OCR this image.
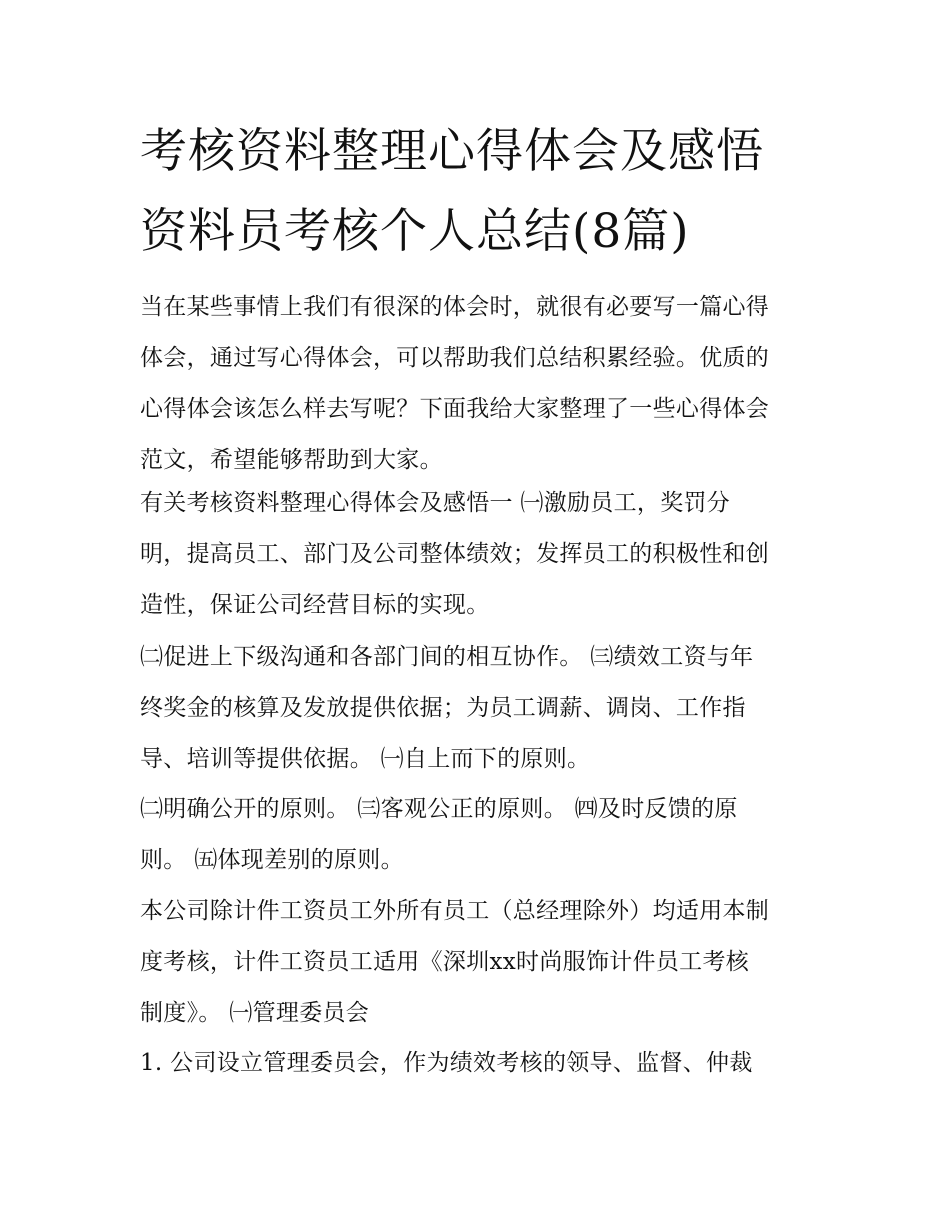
考核资料整理心得体会及感悟
资料员考核个人总结(8篇)
当在某些事情上我们有很深的体会时，就很有必要写一篇心得
体会，通过写心得体会，可以帮助我们总结积累经验。优质的
心得体会该怎么样去写呢？下面我给大家整理了一些心得体会
范文，希望能够帮助到大家。
有关考核资料整理心得体会及感悟一 ㈠激励员工，奖罚分
明，提高员工、部门及公司整体绩效；发挥员工的积极性和创
造性，保证公司经营目标的实现。
㈡促进上下级沟通和各部门间的相互协作。 ㈢绩效工资与年
终奖金的核算及发放提供依据；为员工调薪、调岗、工作指
导、培训等提供依据。 ㈠自上而下的原则。
㈡明确公开的原则。 ㈢客观公正的原则。 ㈣及时反馈的原
则。 ㈤体现差别的原则。
本公司除计件工资员工外所有员工（总经理除外）均适用本制
度考核，计件工资员工适用《深圳xx时尚服饰计件员工考核
制度》。 ㈠管理委员会
1. 公司设立管理委员会，作为绩效考核的领导、监督、仲裁
